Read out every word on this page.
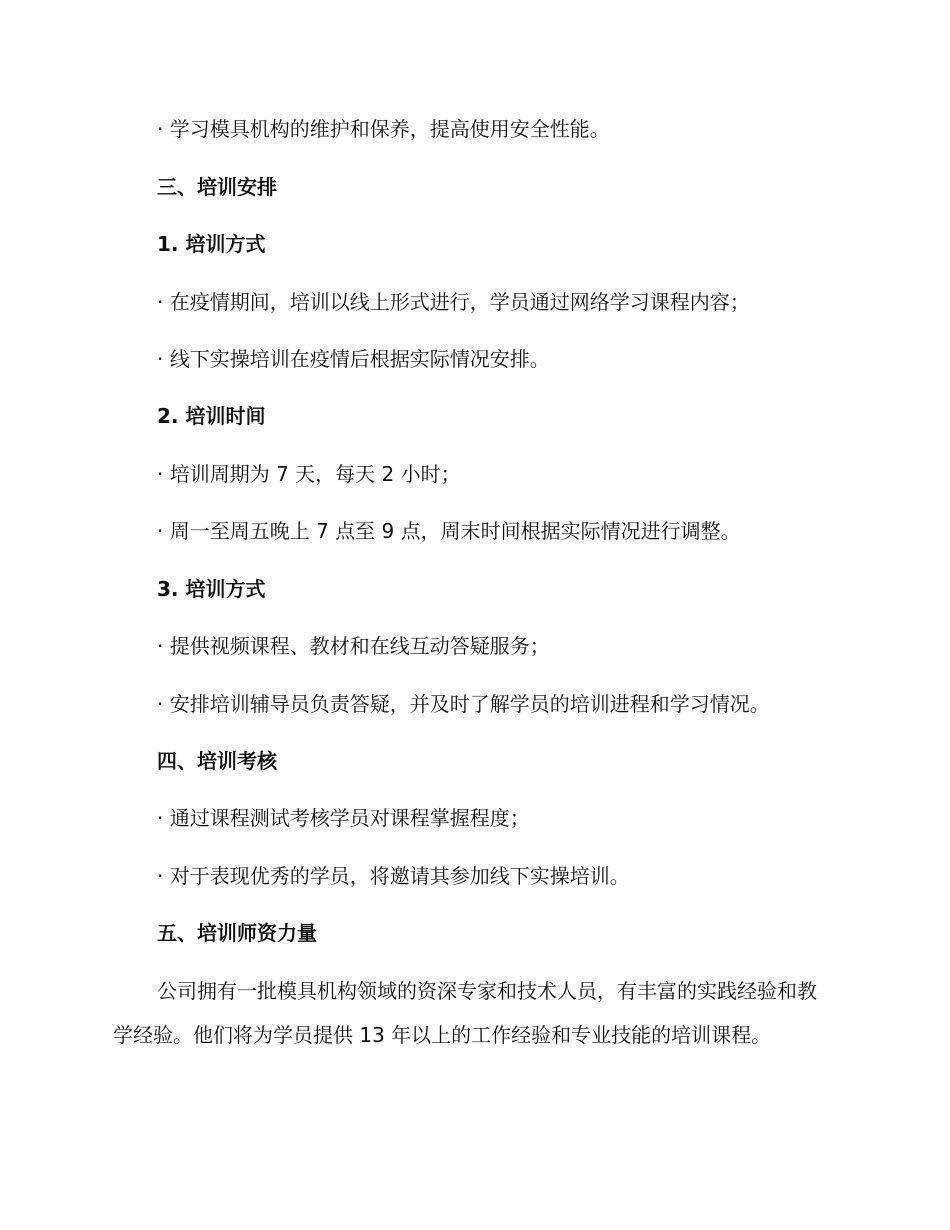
· 学习模具机构的维护和保养，提高使用安全性能。
三、培训安排
1. 培训方式
· 在疫情期间，培训以线上形式进行，学员通过网络学习课程内容；
· 线下实操培训在疫情后根据实际情况安排。
2. 培训时间
· 培训周期为 7 天，每天 2 小时；
· 周一至周五晚上 7 点至 9 点，周末时间根据实际情况进行调整。
3. 培训方式
· 提供视频课程、教材和在线互动答疑服务；
· 安排培训辅导员负责答疑，并及时了解学员的培训进程和学习情况。
四、培训考核
· 通过课程测试考核学员对课程掌握程度；
· 对于表现优秀的学员，将邀请其参加线下实操培训。
五、培训师资力量
公司拥有一批模具机构领域的资深专家和技术人员，有丰富的实践经验和教学经验。他们将为学员提供 13 年以上的工作经验和专业技能的培训课程。
